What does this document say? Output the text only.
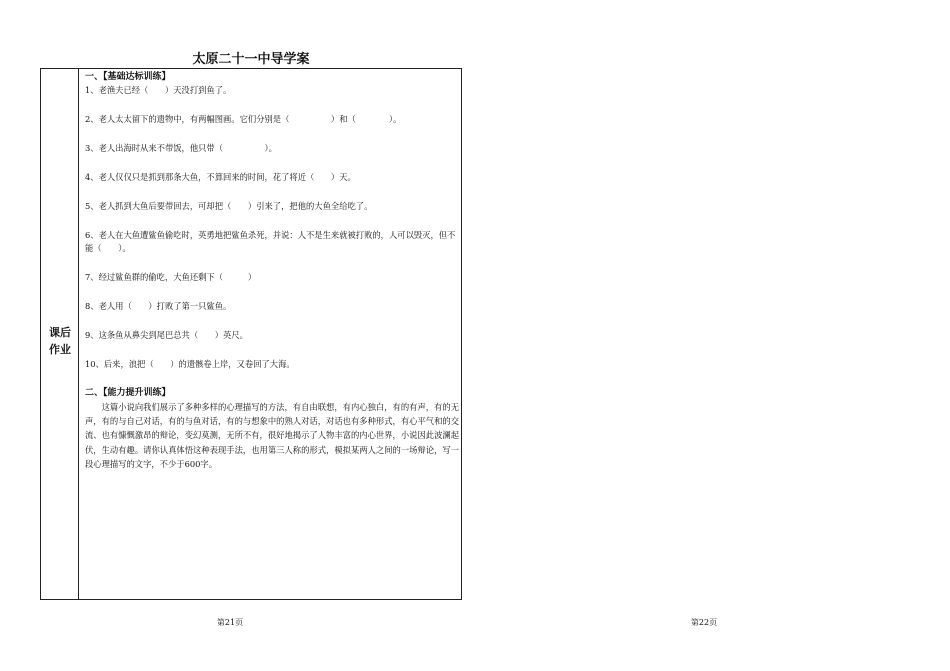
太原二十一中导学案
课后
作业
一、【基础达标训练】
1、老渔夫已经（　　）天没打到鱼了。
2、老人太太留下的遗物中，有两幅图画。它们分别是（　　　　　）和（　　　　）。
3、老人出海时从来不带饭，他只带（　　　　　）。
4、老人仅仅只是抓到那条大鱼，不算回来的时间，花了将近（　　）天。
5、老人抓到大鱼后要带回去，可却把（　　）引来了，把他的大鱼全给吃了。
6、老人在大鱼遭鲨鱼偷吃时，英勇地把鲨鱼杀死，并说：人不是生来就被打败的，人可以毁灭，但不能（　　）。
7、经过鲨鱼群的偷吃，大鱼还剩下（　　　）
8、老人用（　　）打败了第一只鲨鱼。
9、这条鱼从鼻尖到尾巴总共（　　）英尺。
10、后来，浪把（　　）的遗骸卷上岸，又卷回了大海。
二、【能力提升训练】
这篇小说向我们展示了多种多样的心理描写的方法，有自由联想，有内心独白，有的有声，有的无声，有的与自己对话，有的与鱼对话，有的与想象中的熟人对话，对话也有多种形式，有心平气和的交流、也有慷慨激昂的辩论，变幻莫测，无所不有，很好地揭示了人物丰富的内心世界，小说因此波澜起伏，生动有趣。请你认真体悟这种表现手法，也用第三人称的形式，模拟某两人之间的一场辩论，写一段心理描写的文字，不少于600字。
第21页	第22页
